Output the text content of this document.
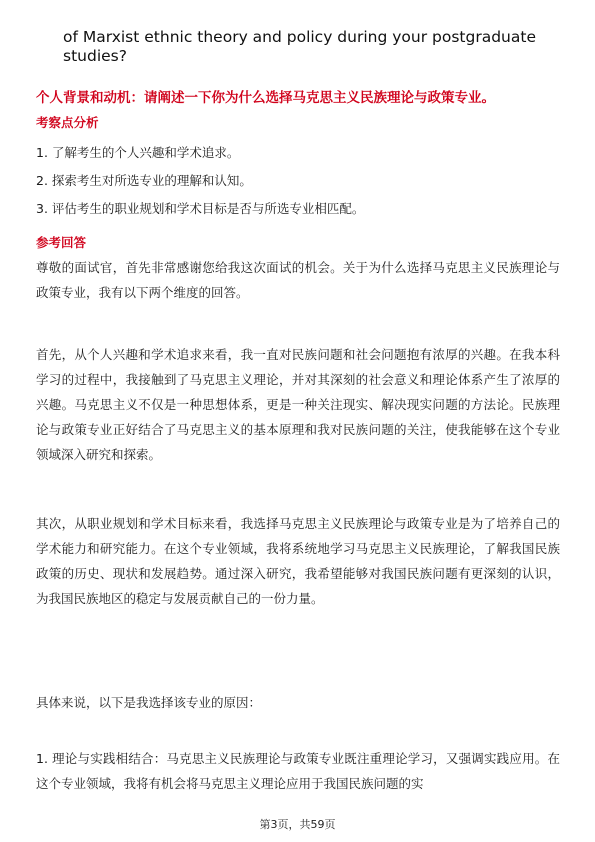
of Marxist ethnic theory and policy during your postgraduate studies?
个人背景和动机：请阐述一下你为什么选择马克思主义民族理论与政策专业。
考察点分析
1. 了解考生的个人兴趣和学术追求。
2. 探索考生对所选专业的理解和认知。
3. 评估考生的职业规划和学术目标是否与所选专业相匹配。
参考回答
尊敬的面试官，首先非常感谢您给我这次面试的机会。关于为什么选择马克思主义民族理论与政策专业，我有以下两个维度的回答。
首先，从个人兴趣和学术追求来看，我一直对民族问题和社会问题抱有浓厚的兴趣。在我本科学习的过程中，我接触到了马克思主义理论，并对其深刻的社会意义和理论体系产生了浓厚的兴趣。马克思主义不仅是一种思想体系，更是一种关注现实、解决现实问题的方法论。民族理论与政策专业正好结合了马克思主义的基本原理和我对民族问题的关注，使我能够在这个专业领域深入研究和探索。
其次，从职业规划和学术目标来看，我选择马克思主义民族理论与政策专业是为了培养自己的学术能力和研究能力。在这个专业领域，我将系统地学习马克思主义民族理论，了解我国民族政策的历史、现状和发展趋势。通过深入研究，我希望能够对我国民族问题有更深刻的认识，为我国民族地区的稳定与发展贡献自己的一份力量。
具体来说，以下是我选择该专业的原因：
1. 理论与实践相结合：马克思主义民族理论与政策专业既注重理论学习，又强调实践应用。在这个专业领域，我将有机会将马克思主义理论应用于我国民族问题的实
第3页，共59页
